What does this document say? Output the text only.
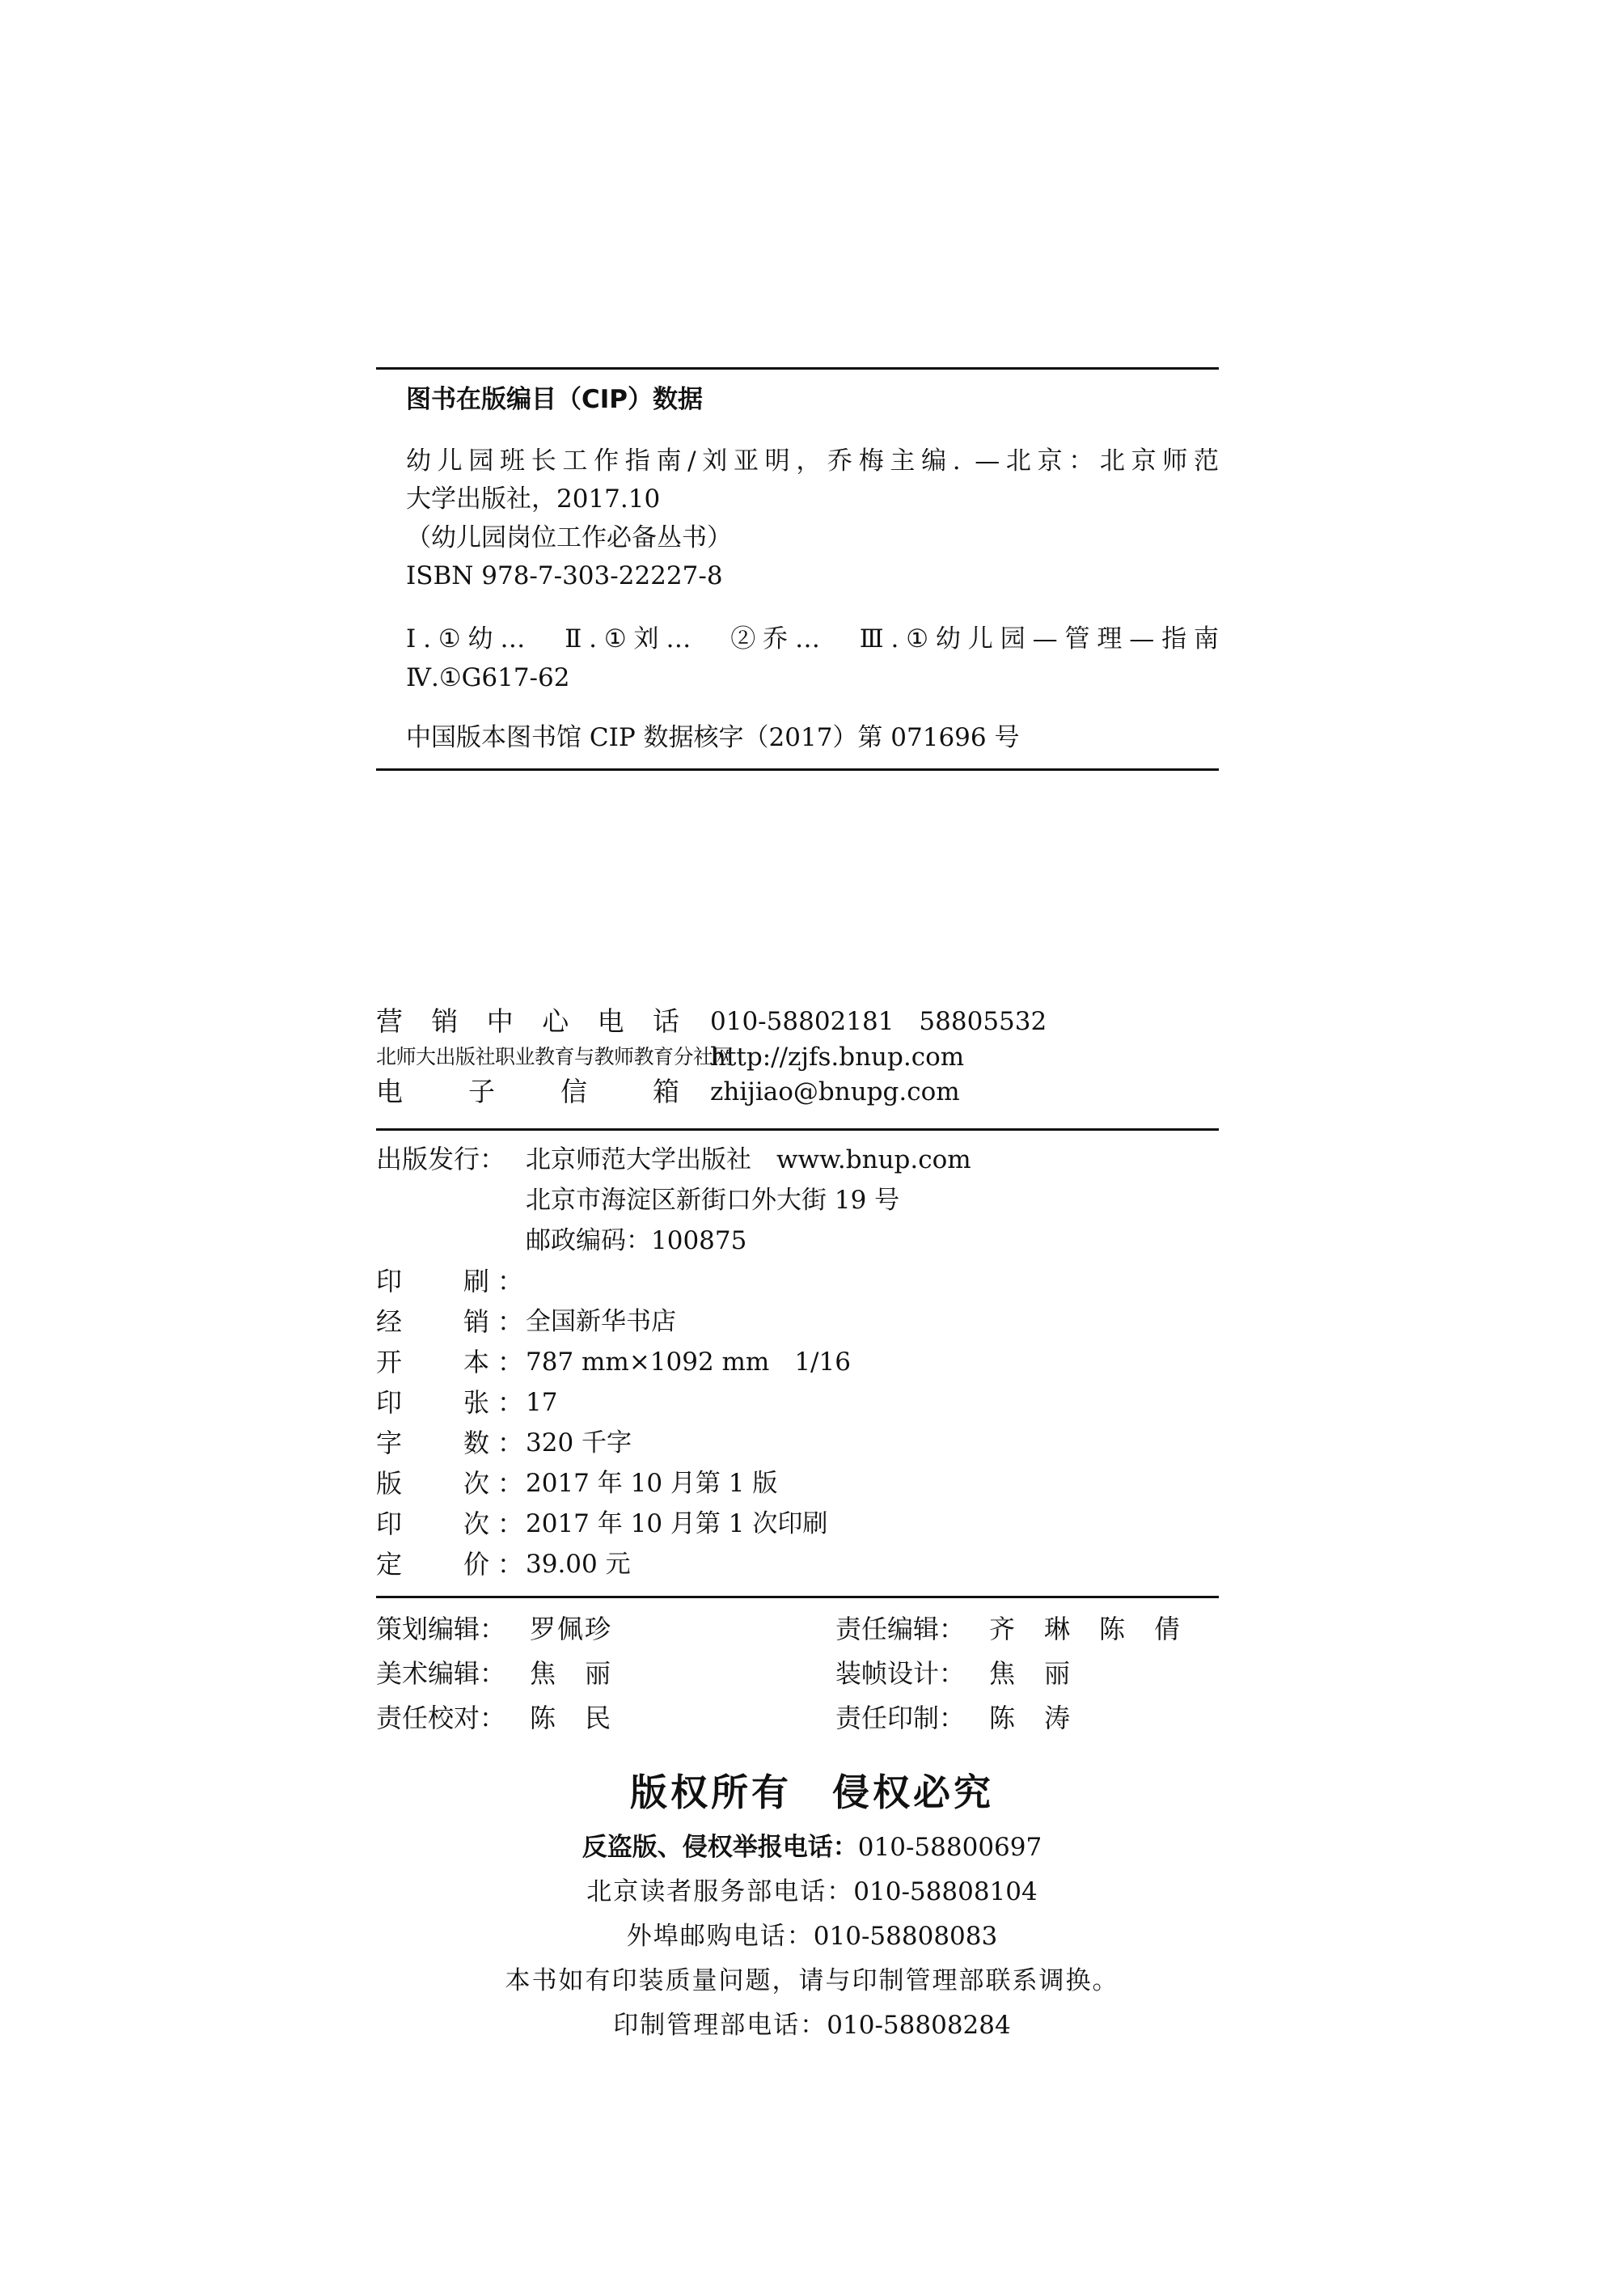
图书在版编目（CIP）数据
幼儿园班长工作指南/刘亚明，乔梅主编. —北京：北京师范
大学出版社，2017.10
（幼儿园岗位工作必备丛书）
ISBN 978-7-303-22227-8
Ⅰ.①幼…　Ⅱ.①刘…　②乔…　Ⅲ.①幼儿园—管理—指南
Ⅳ.①G617-62
中国版本图书馆 CIP 数据核字（2017）第 071696 号
营销中心电话 010-58802181　58805532
北师大出版社职业教育与教师教育分社网
http://zjfs.bnup.com
电子信箱 zhijiao@bnupg.com
出版发行： 北京师范大学出版社　www.bnup.com
北京市海淀区新街口外大街 19 号
邮政编码：100875
印刷 ：
经销 ： 全国新华书店
开本 ： 787 mm×1092 mm　1/16
印张 ： 17
字数 ： 320 千字
版次 ： 2017 年 10 月第 1 版
印次 ： 2017 年 10 月第 1 次印刷
定价 ： 39.00 元
策划编辑： 罗佩珍	责任编辑： 齐　琳　陈　倩
美术编辑： 焦　丽	装帧设计： 焦　丽
责任校对： 陈　民	责任印制： 陈　涛
版权所有　侵权必究
反盗版、侵权举报电话：010-58800697
北京读者服务部电话：010-58808104
外埠邮购电话：010-58808083
本书如有印装质量问题，请与印制管理部联系调换。
印制管理部电话：010-58808284
